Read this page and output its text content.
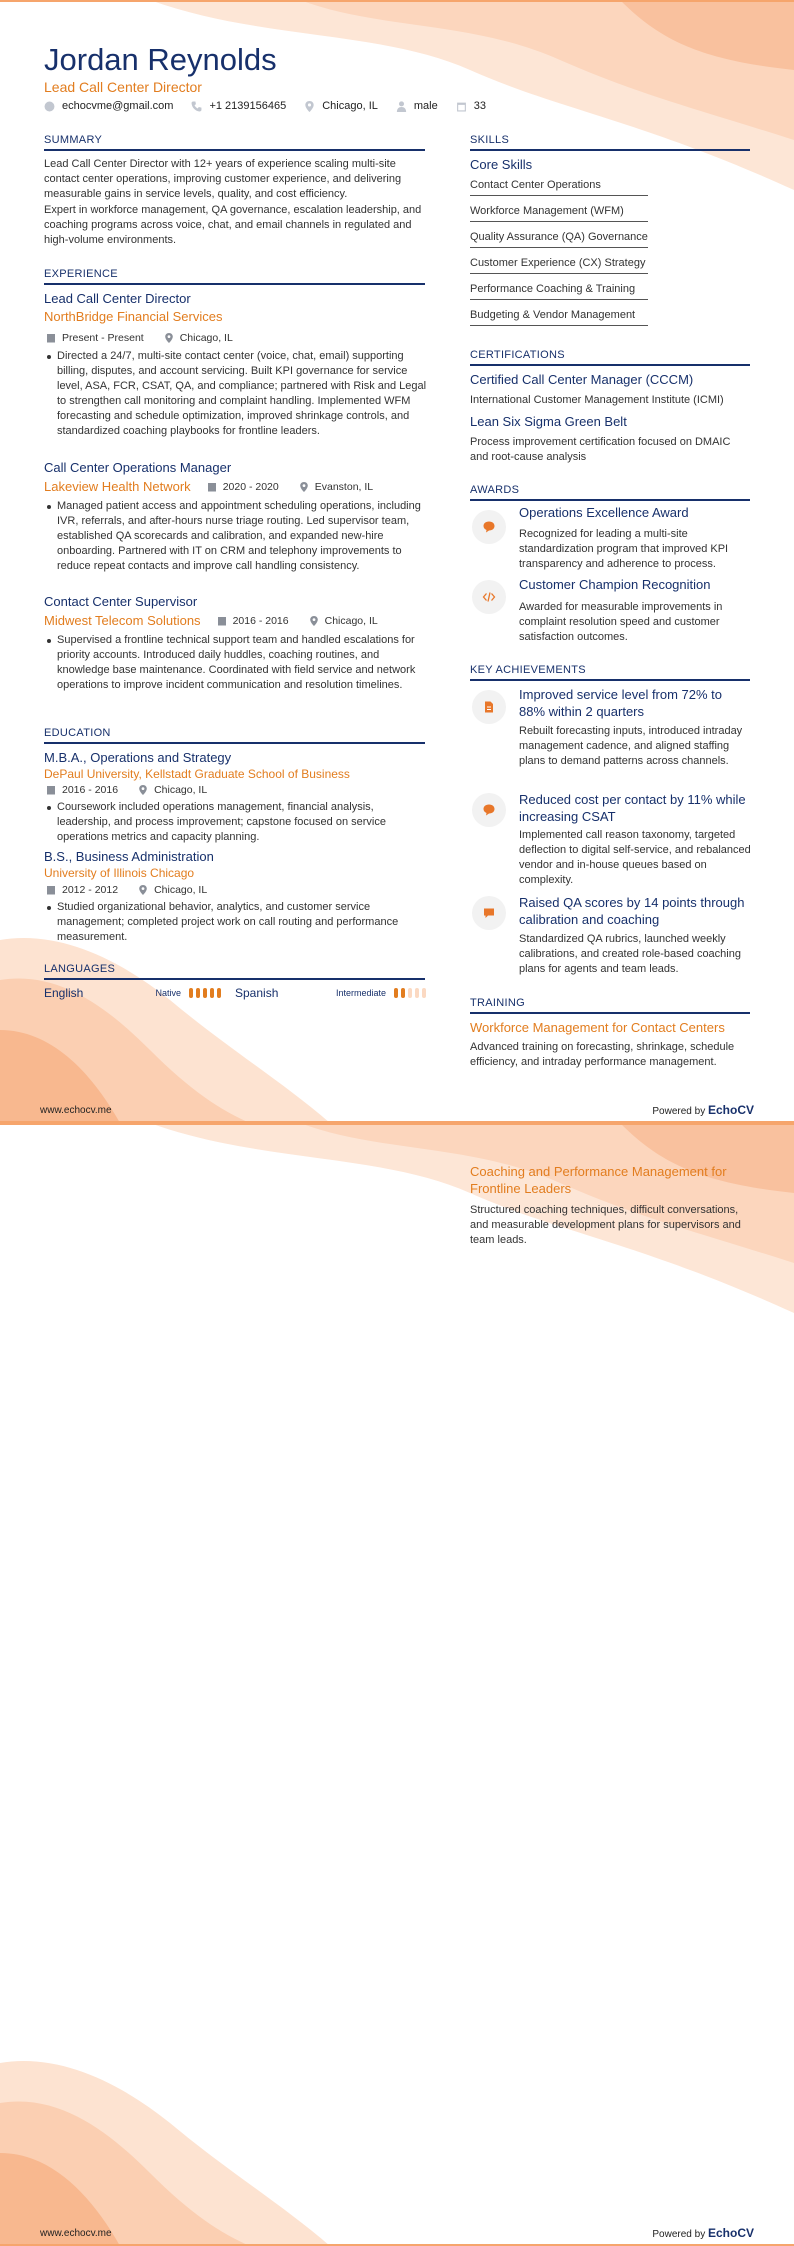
Jordan Reynolds
Lead Call Center Director
echocvme@gmail.com	+1 2139156465	Chicago, IL	male	33
SUMMARY
Lead Call Center Director with 12+ years of experience scaling multi-site contact center operations, improving customer experience, and delivering measurable gains in service levels, quality, and cost efficiency.
Expert in workforce management, QA governance, escalation leadership, and coaching programs across voice, chat, and email channels in regulated and high-volume environments.
EXPERIENCE
Lead Call Center Director
NorthBridge Financial Services
Present - Present	Chicago, IL
Directed a 24/7, multi-site contact center (voice, chat, email) supporting billing, disputes, and account servicing. Built KPI governance for service level, ASA, FCR, CSAT, QA, and compliance; partnered with Risk and Legal to strengthen call monitoring and complaint handling. Implemented WFM forecasting and schedule optimization, improved shrinkage controls, and standardized coaching playbooks for frontline leaders.
Call Center Operations Manager
Lakeview Health Network	2020 - 2020	Evanston, IL
Managed patient access and appointment scheduling operations, including IVR, referrals, and after-hours nurse triage routing. Led supervisor team, established QA scorecards and calibration, and expanded new-hire onboarding. Partnered with IT on CRM and telephony improvements to reduce repeat contacts and improve call handling consistency.
Contact Center Supervisor
Midwest Telecom Solutions	2016 - 2016	Chicago, IL
Supervised a frontline technical support team and handled escalations for priority accounts. Introduced daily huddles, coaching routines, and knowledge base maintenance. Coordinated with field service and network operations to improve incident communication and resolution timelines.
EDUCATION
M.B.A., Operations and Strategy
DePaul University, Kellstadt Graduate School of Business
2016 - 2016	Chicago, IL
Coursework included operations management, financial analysis, leadership, and process improvement; capstone focused on service operations metrics and capacity planning.
B.S., Business Administration
University of Illinois Chicago
2012 - 2012	Chicago, IL
Studied organizational behavior, analytics, and customer service management; completed project work on call routing and performance measurement.
LANGUAGES
English	Native	Spanish	Intermediate
SKILLS
Core Skills
Contact Center Operations
Workforce Management (WFM)
Quality Assurance (QA) Governance
Customer Experience (CX) Strategy
Performance Coaching & Training
Budgeting & Vendor Management
CERTIFICATIONS
Certified Call Center Manager (CCCM)
International Customer Management Institute (ICMI)
Lean Six Sigma Green Belt
Process improvement certification focused on DMAIC and root-cause analysis
AWARDS
Operations Excellence Award
Recognized for leading a multi-site standardization program that improved KPI transparency and adherence to process.
Customer Champion Recognition
Awarded for measurable improvements in complaint resolution speed and customer satisfaction outcomes.
KEY ACHIEVEMENTS
Improved service level from 72% to 88% within 2 quarters
Rebuilt forecasting inputs, introduced intraday management cadence, and aligned staffing plans to demand patterns across channels.
Reduced cost per contact by 11% while increasing CSAT
Implemented call reason taxonomy, targeted deflection to digital self-service, and rebalanced vendor and in-house queues based on complexity.
Raised QA scores by 14 points through calibration and coaching
Standardized QA rubrics, launched weekly calibrations, and created role-based coaching plans for agents and team leads.
TRAINING
Workforce Management for Contact Centers
Advanced training on forecasting, shrinkage, schedule efficiency, and intraday performance management.
www.echocv.me	Powered by EchoCV
Coaching and Performance Management for Frontline Leaders
Structured coaching techniques, difficult conversations, and measurable development plans for supervisors and team leads.
www.echocv.me	Powered by EchoCV
